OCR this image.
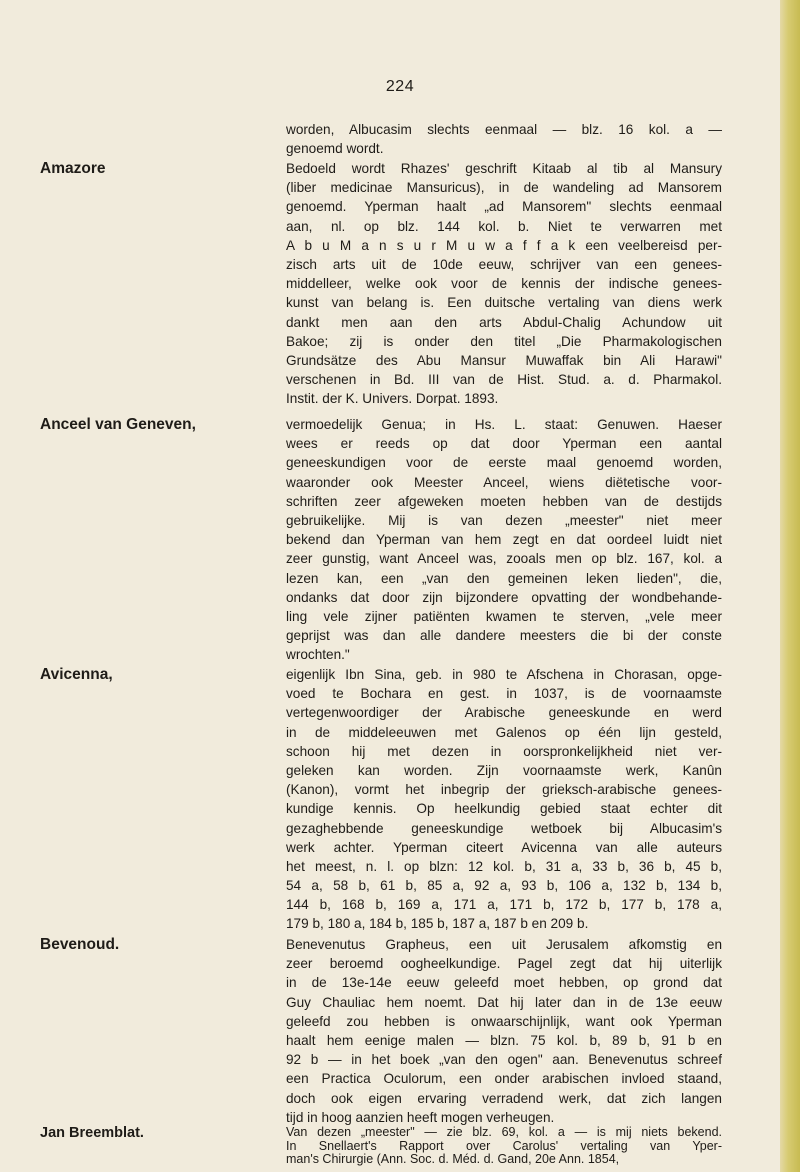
224
worden, Albucasim slechts eenmaal — blz. 16 kol. a —
genoemd wordt.
Amazore	Bedoeld wordt Rhazes' geschrift Kitaab al tib al Mansury
(liber medicinae Mansuricus), in de wandeling ad Mansorem
genoemd. Yperman haalt „ad Mansorem" slechts eenmaal
aan, nl. op blz. 144 kol. b. Niet te verwarren met
A b u M a n s u r M u w a f f a k een veelbereisd per-
zisch arts uit de 10de eeuw, schrijver van een genees-
middelleer, welke ook voor de kennis der indische genees-
kunst van belang is. Een duitsche vertaling van diens werk
dankt men aan den arts Abdul-Chalig Achundow uit
Bakoe; zij is onder den titel „Die Pharmakologischen
Grundsätze des Abu Mansur Muwaffak bin Ali Harawi"
verschenen in Bd. III van de Hist. Stud. a. d. Pharmakol.
Instit. der K. Univers. Dorpat. 1893.
Anceel van Geneven,	vermoedelijk Genua; in Hs. L. staat: Genuwen. Haeser
wees er reeds op dat door Yperman een aantal
geneeskundigen voor de eerste maal genoemd worden,
waaronder ook Meester Anceel, wiens diëtetische voor-
schriften zeer afgeweken moeten hebben van de destijds
gebruikelijke. Mij is van dezen „meester" niet meer
bekend dan Yperman van hem zegt en dat oordeel luidt niet
zeer gunstig, want Anceel was, zooals men op blz. 167, kol. a
lezen kan, een „van den gemeinen leken lieden", die,
ondanks dat door zijn bijzondere opvatting der wondbehande-
ling vele zijner patiënten kwamen te sterven, „vele meer
geprijst was dan alle dandere meesters die bi der conste
wrochten."
Avicenna,	eigenlijk Ibn Sina, geb. in 980 te Afschena in Chorasan, opge-
voed te Bochara en gest. in 1037, is de voornaamste
vertegenwoordiger der Arabische geneeskunde en werd
in de middeleeuwen met Galenos op één lijn gesteld,
schoon hij met dezen in oorspronkelijkheid niet ver-
geleken kan worden. Zijn voornaamste werk, Kanûn
(Kanon), vormt het inbegrip der grieksch-arabische genees-
kundige kennis. Op heelkundig gebied staat echter dit
gezaghebbende geneeskundige wetboek bij Albucasim's
werk achter. Yperman citeert Avicenna van alle auteurs
het meest, n. l. op blzn: 12 kol. b, 31 a, 33 b, 36 b, 45 b,
54 a, 58 b, 61 b, 85 a, 92 a, 93 b, 106 a, 132 b, 134 b,
144 b, 168 b, 169 a, 171 a, 171 b, 172 b, 177 b, 178 a,
179 b, 180 a, 184 b, 185 b, 187 a, 187 b en 209 b.
Bevenoud.	Benevenutus Grapheus, een uit Jerusalem afkomstig en
zeer beroemd oogheelkundige. Pagel zegt dat hij uiterlijk
in de 13e-14e eeuw geleefd moet hebben, op grond dat
Guy Chauliac hem noemt. Dat hij later dan in de 13e eeuw
geleefd zou hebben is onwaarschijnlijk, want ook Yperman
haalt hem eenige malen — blzn. 75 kol. b, 89 b, 91 b en
92 b — in het boek „van den ogen" aan. Benevenutus schreef
een Practica Oculorum, een onder arabischen invloed staand,
doch ook eigen ervaring verradend werk, dat zich langen
tijd in hoog aanzien heeft mogen verheugen.
Jan Breemblat.	Van dezen „meester" — zie blz. 69, kol. a — is mij niets bekend.
In Snellaert's Rapport over Carolus' vertaling van Yper-
man's Chirurgie (Ann. Soc. d. Méd. d. Gand, 20e Ann. 1854,
